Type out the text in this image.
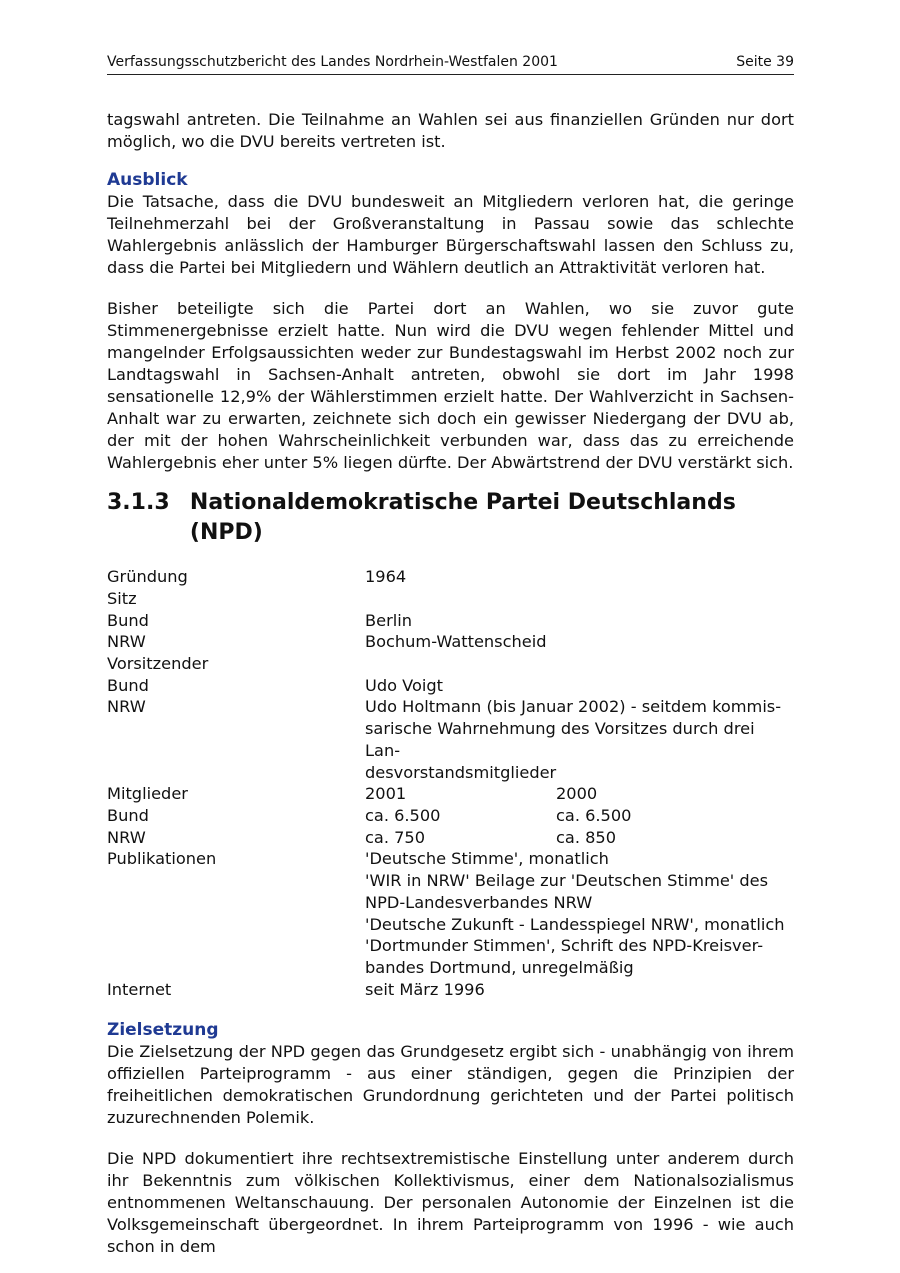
Verfassungsschutzbericht des Landes Nordrhein-Westfalen 2001	Seite 39

tagswahl antreten. Die Teilnahme an Wahlen sei aus finanziellen Gründen nur dort möglich, wo die DVU bereits vertreten ist.

Ausblick

Die Tatsache, dass die DVU bundesweit an Mitgliedern verloren hat, die geringe Teilnehmerzahl bei der Großveranstaltung in Passau sowie das schlechte Wahlergebnis anlässlich der Hamburger Bürgerschaftswahl lassen den Schluss zu, dass die Partei bei Mitgliedern und Wählern deutlich an Attraktivität verloren hat.

Bisher beteiligte sich die Partei dort an Wahlen, wo sie zuvor gute Stimmenergebnisse erzielt hatte. Nun wird die DVU wegen fehlender Mittel und mangelnder Erfolgsaussichten weder zur Bundestagswahl im Herbst 2002 noch zur Landtagswahl in Sachsen-Anhalt antreten, obwohl sie dort im Jahr 1998 sensationelle 12,9% der Wählerstimmen erzielt hatte. Der Wahlverzicht in Sachsen-Anhalt war zu erwarten, zeichnete sich doch ein gewisser Niedergang der DVU ab, der mit der hohen Wahrscheinlichkeit verbunden war, dass das zu erreichende Wahlergebnis eher unter 5% liegen dürfte. Der Abwärtstrend der DVU verstärkt sich.

3.1.3 Nationaldemokratische Partei Deutschlands (NPD)
Gründung	1964
Sitz
Bund	Berlin
NRW	Bochum-Wattenscheid
Vorsitzender
Bund	Udo Voigt
NRW	Udo Holtmann (bis Januar 2002) - seitdem kommis-
sarische Wahrnehmung des Vorsitzes durch drei Lan-
desvorstandsmitglieder
Mitglieder	2001	2000
Bund	ca. 6.500	ca. 6.500
NRW	ca. 750	ca. 850
Publikationen	'Deutsche Stimme', monatlich
'WIR in NRW' Beilage zur 'Deutschen Stimme' des
NPD-Landesverbandes NRW
'Deutsche Zukunft - Landesspiegel NRW', monatlich
'Dortmunder Stimmen', Schrift des NPD-Kreisver-
bandes Dortmund, unregelmäßig
Internet	seit März 1996
Zielsetzung

Die Zielsetzung der NPD gegen das Grundgesetz ergibt sich - unabhängig von ihrem offiziellen Parteiprogramm - aus einer ständigen, gegen die Prinzipien der freiheitlichen demokratischen Grundordnung gerichteten und der Partei politisch zuzurechnenden Polemik.

Die NPD dokumentiert ihre rechtsextremistische Einstellung unter anderem durch ihr Bekenntnis zum völkischen Kollektivismus, einer dem Nationalsozialismus entnommenen Weltanschauung. Der personalen Autonomie der Einzelnen ist die Volksgemeinschaft übergeordnet. In ihrem Parteiprogramm von 1996 - wie auch schon in dem
